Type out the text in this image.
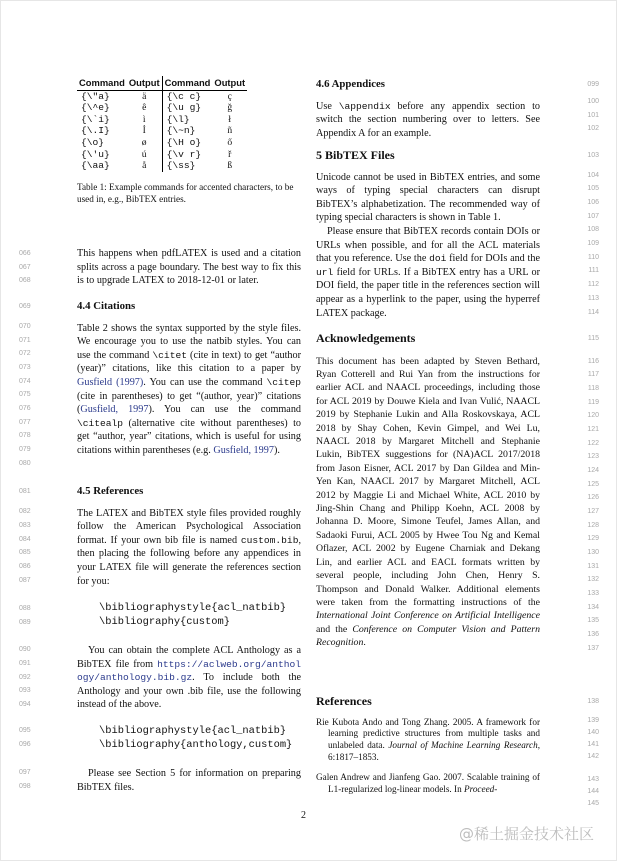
Command	Output	Command	Output
{\"a}	ä	{\c c}	ç
{\^e}	ê	{\u g}	ğ
{\`i}	ì	{\l}	ł
{\.I}	İ	{\~n}	ñ
{\o}	ø	{\H o}	ő
{\'u}	ú	{\v r}	ř
{\aa}	å	{\ss}	ß
Table 1: Example commands for accented characters, to be used in, e.g., BibTEX entries.
This happens when pdfLATEX is used and a citation splits across a page boundary. The best way to fix this is to upgrade LATEX to 2018-12-01 or later.
4.4 Citations
Table 2 shows the syntax supported by the style files. We encourage you to use the natbib styles. You can use the command \citet (cite in text) to get “author (year)” citations, like this citation to a paper by Gusfield (1997). You can use the command \citep (cite in parentheses) to get “(author, year)” citations (Gusfield, 1997). You can use the command \citealp (alternative cite without parentheses) to get “author, year” citations, which is useful for using citations within parentheses (e.g. Gusfield, 1997).
4.5 References
The LATEX and BibTEX style files provided roughly follow the American Psychological Association format. If your own bib file is named custom.bib, then placing the following before any appendices in your LATEX file will generate the references section for you:
\bibliographystyle{acl_natbib}
\bibliography{custom}
You can obtain the complete ACL Anthology as a BibTEX file from https://aclweb.org/anthology/anthology.bib.gz. To include both the Anthology and your own .bib file, use the following instead of the above.
\bibliographystyle{acl_natbib}
\bibliography{anthology,custom}
Please see Section 5 for information on preparing BibTEX files.
4.6 Appendices
Use \appendix before any appendix section to switch the section numbering over to letters. See Appendix A for an example.
5 BibTEX Files
Unicode cannot be used in BibTEX entries, and some ways of typing special characters can disrupt BibTEX’s alphabetization. The recommended way of typing special characters is shown in Table 1.
Please ensure that BibTEX records contain DOIs or URLs when possible, and for all the ACL materials that you reference. Use the doi field for DOIs and the url field for URLs. If a BibTEX entry has a URL or DOI field, the paper title in the references section will appear as a hyperlink to the paper, using the hyperref LATEX package.
Acknowledgements
This document has been adapted by Steven Bethard, Ryan Cotterell and Rui Yan from the instructions for earlier ACL and NAACL proceedings, including those for ACL 2019 by Douwe Kiela and Ivan Vulić, NAACL 2019 by Stephanie Lukin and Alla Roskovskaya, ACL 2018 by Shay Cohen, Kevin Gimpel, and Wei Lu, NAACL 2018 by Margaret Mitchell and Stephanie Lukin, BibTEX suggestions for (NA)ACL 2017/2018 from Jason Eisner, ACL 2017 by Dan Gildea and Min-Yen Kan, NAACL 2017 by Margaret Mitchell, ACL 2012 by Maggie Li and Michael White, ACL 2010 by Jing-Shin Chang and Philipp Koehn, ACL 2008 by Johanna D. Moore, Simone Teufel, James Allan, and Sadaoki Furui, ACL 2005 by Hwee Tou Ng and Kemal Oflazer, ACL 2002 by Eugene Charniak and Dekang Lin, and earlier ACL and EACL formats written by several people, including John Chen, Henry S. Thompson and Donald Walker. Additional elements were taken from the formatting instructions of the International Joint Conference on Artificial Intelligence and the Conference on Computer Vision and Pattern Recognition.
References
Rie Kubota Ando and Tong Zhang. 2005. A framework for learning predictive structures from multiple tasks and unlabeled data. Journal of Machine Learning Research, 6:1817–1853.
Galen Andrew and Jianfeng Gao. 2007. Scalable training of L1-regularized log-linear models. In Proceed-
066
067
068
069
070
071
072
073
074
075
076
077
078
079
080
081
082
083
084
085
086
087
088
089
090
091
092
093
094
095
096
097
098
099
100
101
102
103
104
105
106
107
108
109
110
111
112
113
114
115
116
117
118
119
120
121
122
123
124
125
126
127
128
129
130
131
132
133
134
135
136
137
138
139
140
141
142
143
144
145
2
@稀土掘金技术社区
